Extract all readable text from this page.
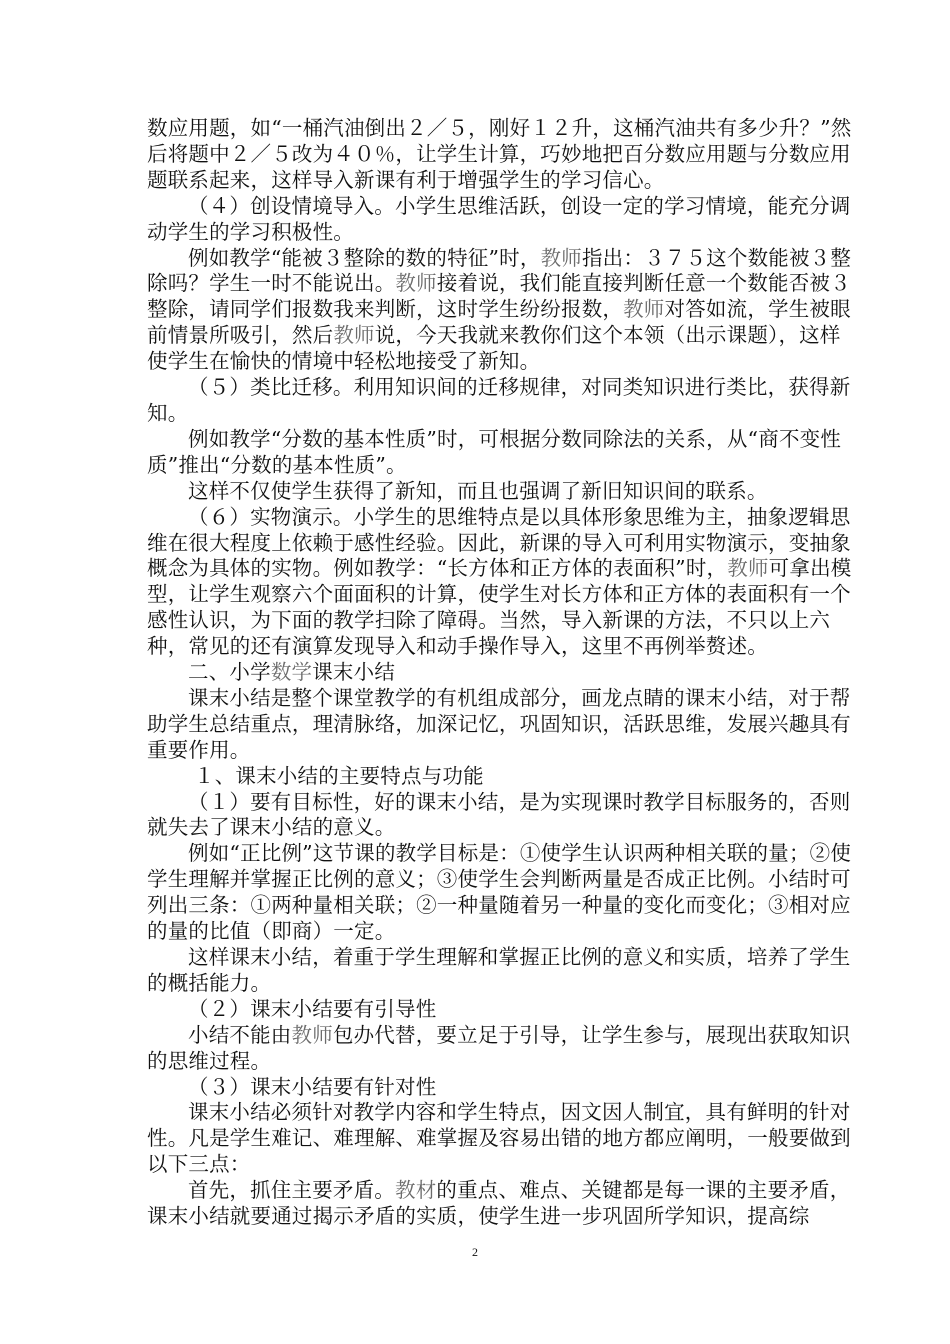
数应用题，如“一桶汽油倒出２／５，刚好１２升，这桶汽油共有多少升？”然后将题中２／５改为４０％，让学生计算，巧妙地把百分数应用题与分数应用题联系起来，这样导入新课有利于增强学生的学习信心。

（４）创设情境导入。小学生思维活跃，创设一定的学习情境，能充分调动学生的学习积极性。

例如教学“能被３整除的数的特征”时，教师指出：３７５这个数能被３整除吗？学生一时不能说出。教师接着说，我们能直接判断任意一个数能否被３整除，请同学们报数我来判断，这时学生纷纷报数，教师对答如流，学生被眼前情景所吸引，然后教师说，今天我就来教你们这个本领（出示课题），这样使学生在愉快的情境中轻松地接受了新知。

（５）类比迁移。利用知识间的迁移规律，对同类知识进行类比，获得新知。

例如教学“分数的基本性质”时，可根据分数同除法的关系，从“商不变性质”推出“分数的基本性质”。

这样不仅使学生获得了新知，而且也强调了新旧知识间的联系。

（６）实物演示。小学生的思维特点是以具体形象思维为主，抽象逻辑思维在很大程度上依赖于感性经验。因此，新课的导入可利用实物演示，变抽象概念为具体的实物。例如教学：“长方体和正方体的表面积”时，教师可拿出模型，让学生观察六个面面积的计算，使学生对长方体和正方体的表面积有一个感性认识，为下面的教学扫除了障碍。当然，导入新课的方法，不只以上六种，常见的还有演算发现导入和动手操作导入，这里不再例举赘述。

二、小学数学课末小结

课末小结是整个课堂教学的有机组成部分，画龙点睛的课末小结，对于帮助学生总结重点，理清脉络，加深记忆，巩固知识，活跃思维，发展兴趣具有重要作用。

１、课末小结的主要特点与功能

（１）要有目标性，好的课末小结，是为实现课时教学目标服务的，否则就失去了课末小结的意义。

例如“正比例”这节课的教学目标是：①使学生认识两种相关联的量；②使学生理解并掌握正比例的意义；③使学生会判断两量是否成正比例。小结时可列出三条：①两种量相关联；②一种量随着另一种量的变化而变化；③相对应的量的比值（即商）一定。

这样课末小结，着重于学生理解和掌握正比例的意义和实质，培养了学生的概括能力。

（２）课末小结要有引导性

小结不能由教师包办代替，要立足于引导，让学生参与，展现出获取知识的思维过程。

（３）课末小结要有针对性

课末小结必须针对教学内容和学生特点，因文因人制宜，具有鲜明的针对性。凡是学生难记、难理解、难掌握及容易出错的地方都应阐明，一般要做到以下三点：

首先，抓住主要矛盾。教材的重点、难点、关键都是每一课的主要矛盾，课末小结就要通过揭示矛盾的实质，使学生进一步巩固所学知识，提高综

2
